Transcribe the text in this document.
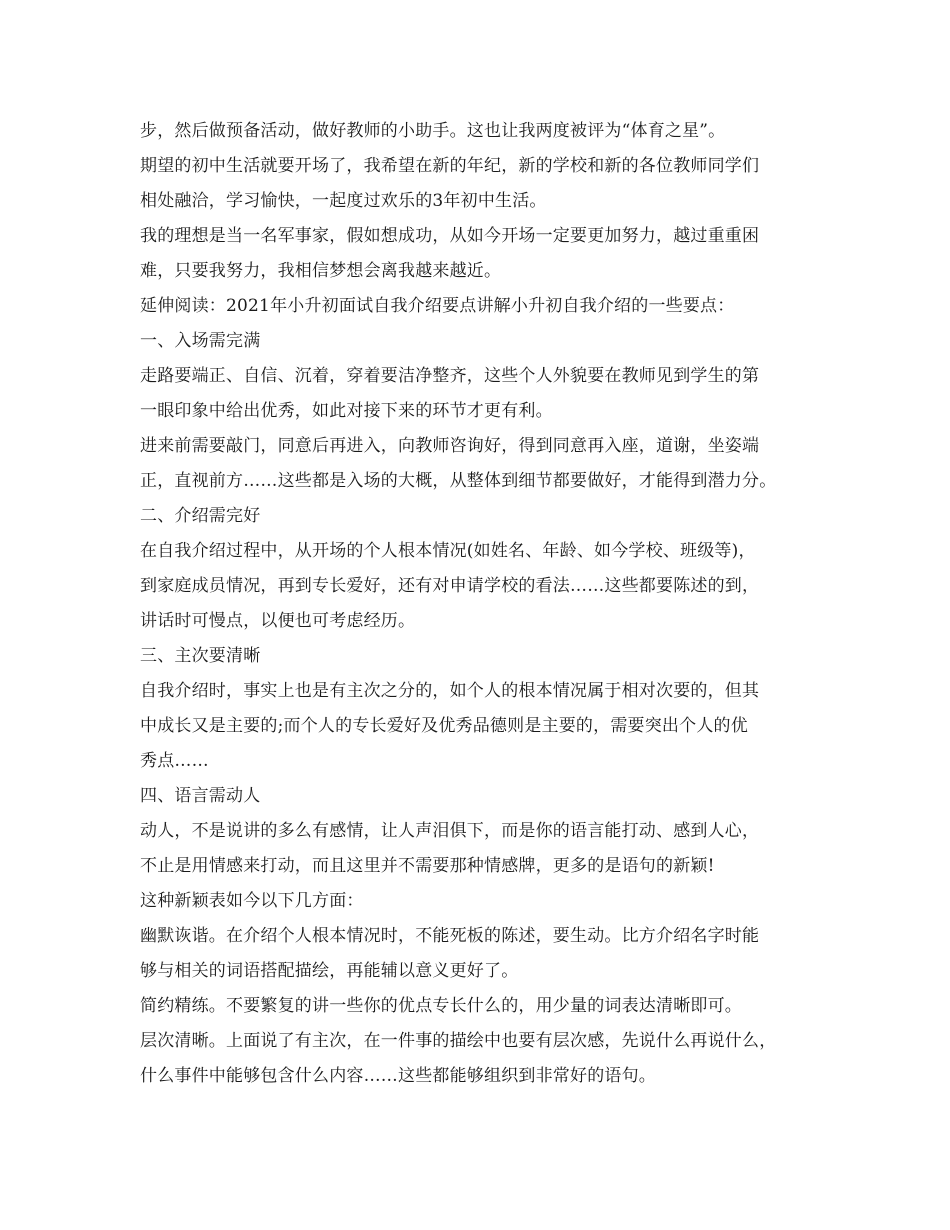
步，然后做预备活动，做好教师的小助手。这也让我两度被评为“体育之星”。
期望的初中生活就要开场了，我希望在新的年纪，新的学校和新的各位教师同学们
相处融洽，学习愉快，一起度过欢乐的3年初中生活。
我的理想是当一名军事家，假如想成功，从如今开场一定要更加努力，越过重重困
难，只要我努力，我相信梦想会离我越来越近。
延伸阅读：2021年小升初面试自我介绍要点讲解小升初自我介绍的一些要点：
一、入场需完满
走路要端正、自信、沉着，穿着要洁净整齐，这些个人外貌要在教师见到学生的第
一眼印象中给出优秀，如此对接下来的环节才更有利。
进来前需要敲门，同意后再进入，向教师咨询好，得到同意再入座，道谢，坐姿端
正，直视前方……这些都是入场的大概，从整体到细节都要做好，才能得到潜力分。
二、介绍需完好
在自我介绍过程中，从开场的个人根本情况(如姓名、年龄、如今学校、班级等)，
到家庭成员情况，再到专长爱好，还有对申请学校的看法……这些都要陈述的到，
讲话时可慢点，以便也可考虑经历。
三、主次要清晰
自我介绍时，事实上也是有主次之分的，如个人的根本情况属于相对次要的，但其
中成长又是主要的;而个人的专长爱好及优秀品德则是主要的，需要突出个人的优
秀点……
四、语言需动人
动人，不是说讲的多么有感情，让人声泪俱下，而是你的语言能打动、感到人心，
不止是用情感来打动，而且这里并不需要那种情感牌，更多的是语句的新颖!
这种新颖表如今以下几方面：
幽默诙谐。在介绍个人根本情况时，不能死板的陈述，要生动。比方介绍名字时能
够与相关的词语搭配描绘，再能辅以意义更好了。
简约精练。不要繁复的讲一些你的优点专长什么的，用少量的词表达清晰即可。
层次清晰。上面说了有主次，在一件事的描绘中也要有层次感，先说什么再说什么，
什么事件中能够包含什么内容……这些都能够组织到非常好的语句。
